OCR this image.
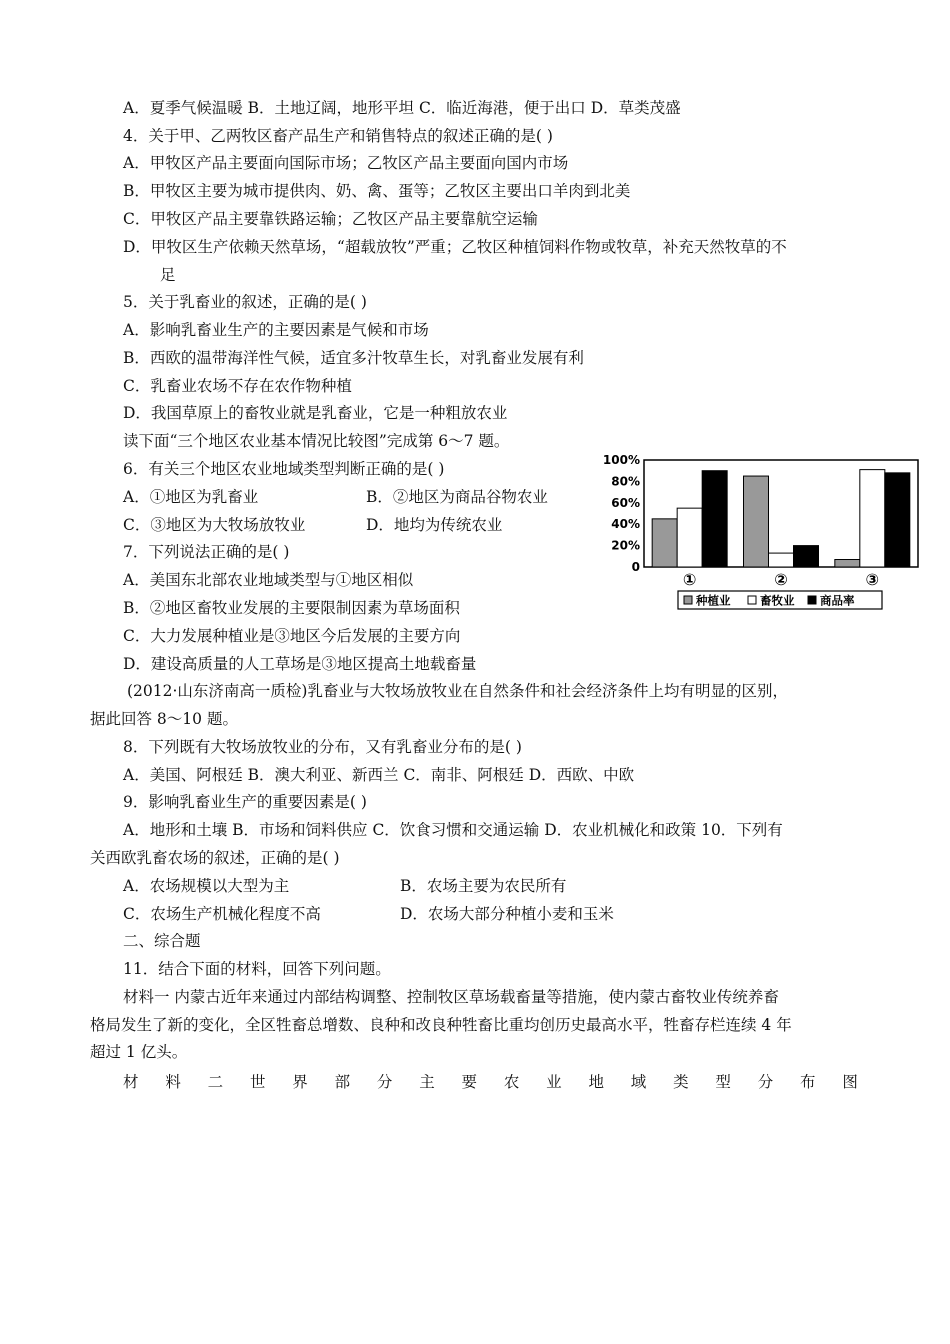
A．夏季气候温暖 B．土地辽阔，地形平坦 C．临近海港，便于出口 D．草类茂盛
4．关于甲、乙两牧区畜产品生产和销售特点的叙述正确的是( )
A．甲牧区产品主要面向国际市场；乙牧区产品主要面向国内市场
B．甲牧区主要为城市提供肉、奶、禽、蛋等；乙牧区主要出口羊肉到北美
C．甲牧区产品主要靠铁路运输；乙牧区产品主要靠航空运输
D．甲牧区生产依赖天然草场，“超载放牧”严重；乙牧区种植饲料作物或牧草，补充天然牧草的不
足
5．关于乳畜业的叙述，正确的是( )
A．影响乳畜业生产的主要因素是气候和市场
B．西欧的温带海洋性气候，适宜多汁牧草生长，对乳畜业发展有利
C．乳畜业农场不存在农作物种植
D．我国草原上的畜牧业就是乳畜业，它是一种粗放农业
读下面“三个地区农业基本情况比较图”完成第 6～7 题。
6．有关三个地区农业地域类型判断正确的是( )
A．①地区为乳畜业	B．②地区为商品谷物农业
C．③地区为大牧场放牧业	D．地均为传统农业
7．下列说法正确的是( )
A．美国东北部农业地域类型与①地区相似
B．②地区畜牧业发展的主要限制因素为草场面积
C．大力发展种植业是③地区今后发展的主要方向
D．建设高质量的人工草场是③地区提高土地载畜量
(2012·山东济南高一质检)乳畜业与大牧场放牧业在自然条件和社会经济条件上均有明显的区别，
据此回答 8～10 题。
8．下列既有大牧场放牧业的分布，又有乳畜业分布的是( )
A．美国、阿根廷 B．澳大利亚、新西兰 C．南非、阿根廷 D．西欧、中欧
9．影响乳畜业生产的重要因素是( )
A．地形和土壤 B．市场和饲料供应 C．饮食习惯和交通运输 D．农业机械化和政策 10．下列有
关西欧乳畜农场的叙述，正确的是( )
A．农场规模以大型为主	B．农场主要为农民所有
C．农场生产机械化程度不高	D．农场大部分种植小麦和玉米
二、综合题
11．结合下面的材料，回答下列问题。
材料一 内蒙古近年来通过内部结构调整、控制牧区草场载畜量等措施，使内蒙古畜牧业传统养畜
格局发生了新的变化，全区牲畜总增数、良种和改良种牲畜比重均创历史最高水平，牲畜存栏连续 4 年
超过 1 亿头。
材 料 二 世 界 部 分 主 要 农 业 地 域 类 型 分 布 图
0
20%
40%
60%
80%
100%
①	②	③
种植业	畜牧业 商品率
